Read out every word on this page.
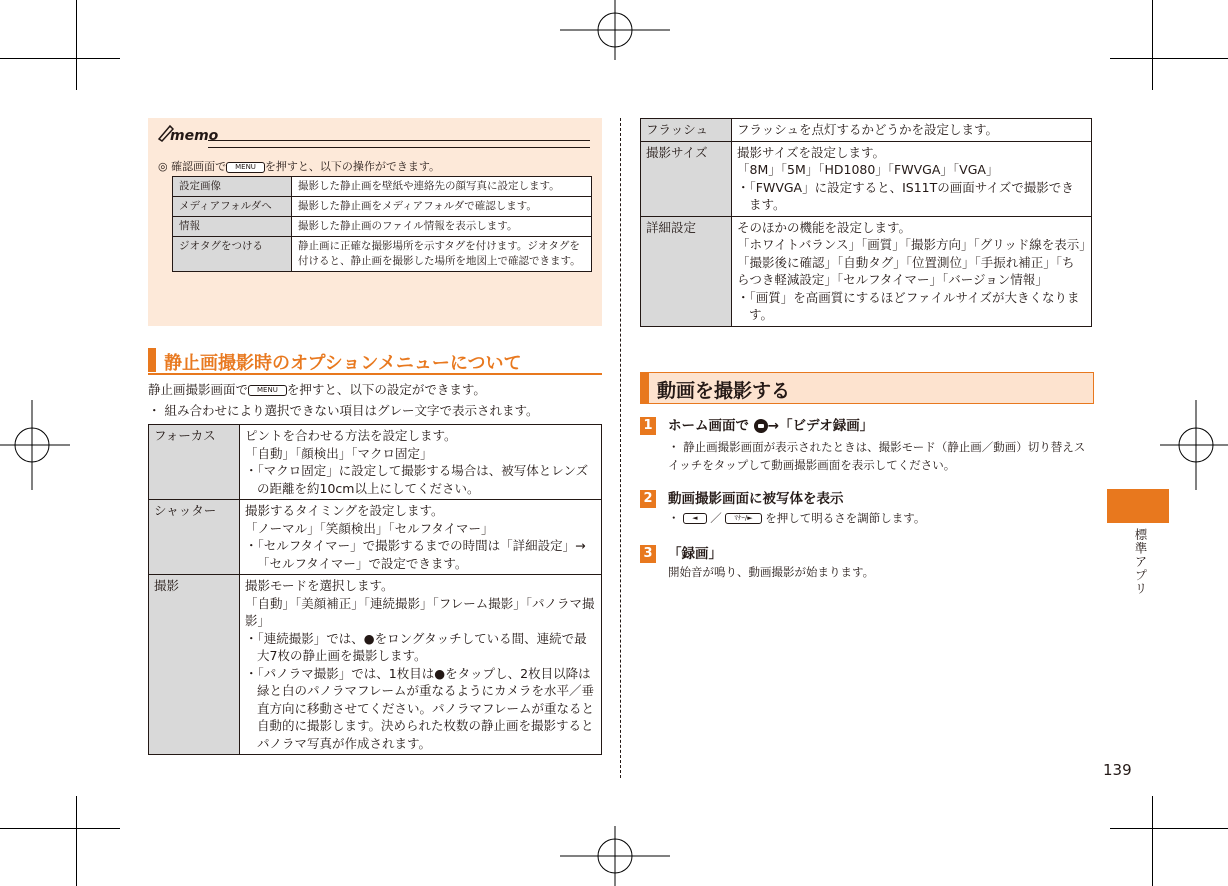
memo
◎ 確認画面で MENU を押すと、以下の操作ができます。
設定画像	撮影した静止画を壁紙や連絡先の顔写真に設定します。
メディアフォルダへ	撮影した静止画をメディアフォルダで確認します。
情報	撮影した静止画のファイル情報を表示します。
ジオタグをつける	静止画に正確な撮影場所を示すタグを付けます。ジオタグを付けると、静止画を撮影した場所を地図上で確認できます。
静止画撮影時のオプションメニューについて
静止画撮影画面で MENU を押すと、以下の設定ができます。
・ 組み合わせにより選択できない項目はグレー文字で表示されます。
フォーカス	ピントを合わせる方法を設定します。
「自動」「顔検出」「マクロ固定」
・「マクロ固定」に設定して撮影する場合は、被写体とレンズの距離を約10cm以上にしてください。

シャッター	撮影するタイミングを設定します。
「ノーマル」「笑顔検出」「セルフタイマー」
・「セルフタイマー」で撮影するまでの時間は「詳細設定」→「セルフタイマー」で設定できます。

撮影	撮影モードを選択します。
「自動」「美顔補正」「連続撮影」「フレーム撮影」「パノラマ撮影」
・「連続撮影」では、●をロングタッチしている間、連続で最大7枚の静止画を撮影します。
・「パノラマ撮影」では、1枚目は●をタップし、2枚目以降は緑と白のパノラマフレームが重なるようにカメラを水平／垂直方向に移動させてください。パノラマフレームが重なると自動的に撮影します。決められた枚数の静止画を撮影するとパノラマ写真が作成されます。
フラッシュ	フラッシュを点灯するかどうかを設定します。

撮影サイズ	撮影サイズを設定します。
「8M」「5M」「HD1080」「FWVGA」「VGA」
・「FWVGA」に設定すると、IS11Tの画面サイズで撮影できます。

詳細設定	そのほかの機能を設定します。
「ホワイトバランス」「画質」「撮影方向」「グリッド線を表示」「撮影後に確認」「自動タグ」「位置測位」「手振れ補正」「ちらつき軽減設定」「セルフタイマー」「バージョン情報」
・「画質」を高画質にするほどファイルサイズが大きくなります。
動画を撮影する
1 ホーム画面で →「ビデオ録画」
・ 静止画撮影画面が表示されたときは、撮影モード（静止画／動画）切り替えスイッチをタップして動画撮影画面を表示してください。
2 動画撮影画面に被写体を表示
・ ◄ ／ ﾏﾅｰ/► を押して明るさを調節します。
3 「録画」
開始音が鳴り、動画撮影が始まります。	標準アプリ
139
